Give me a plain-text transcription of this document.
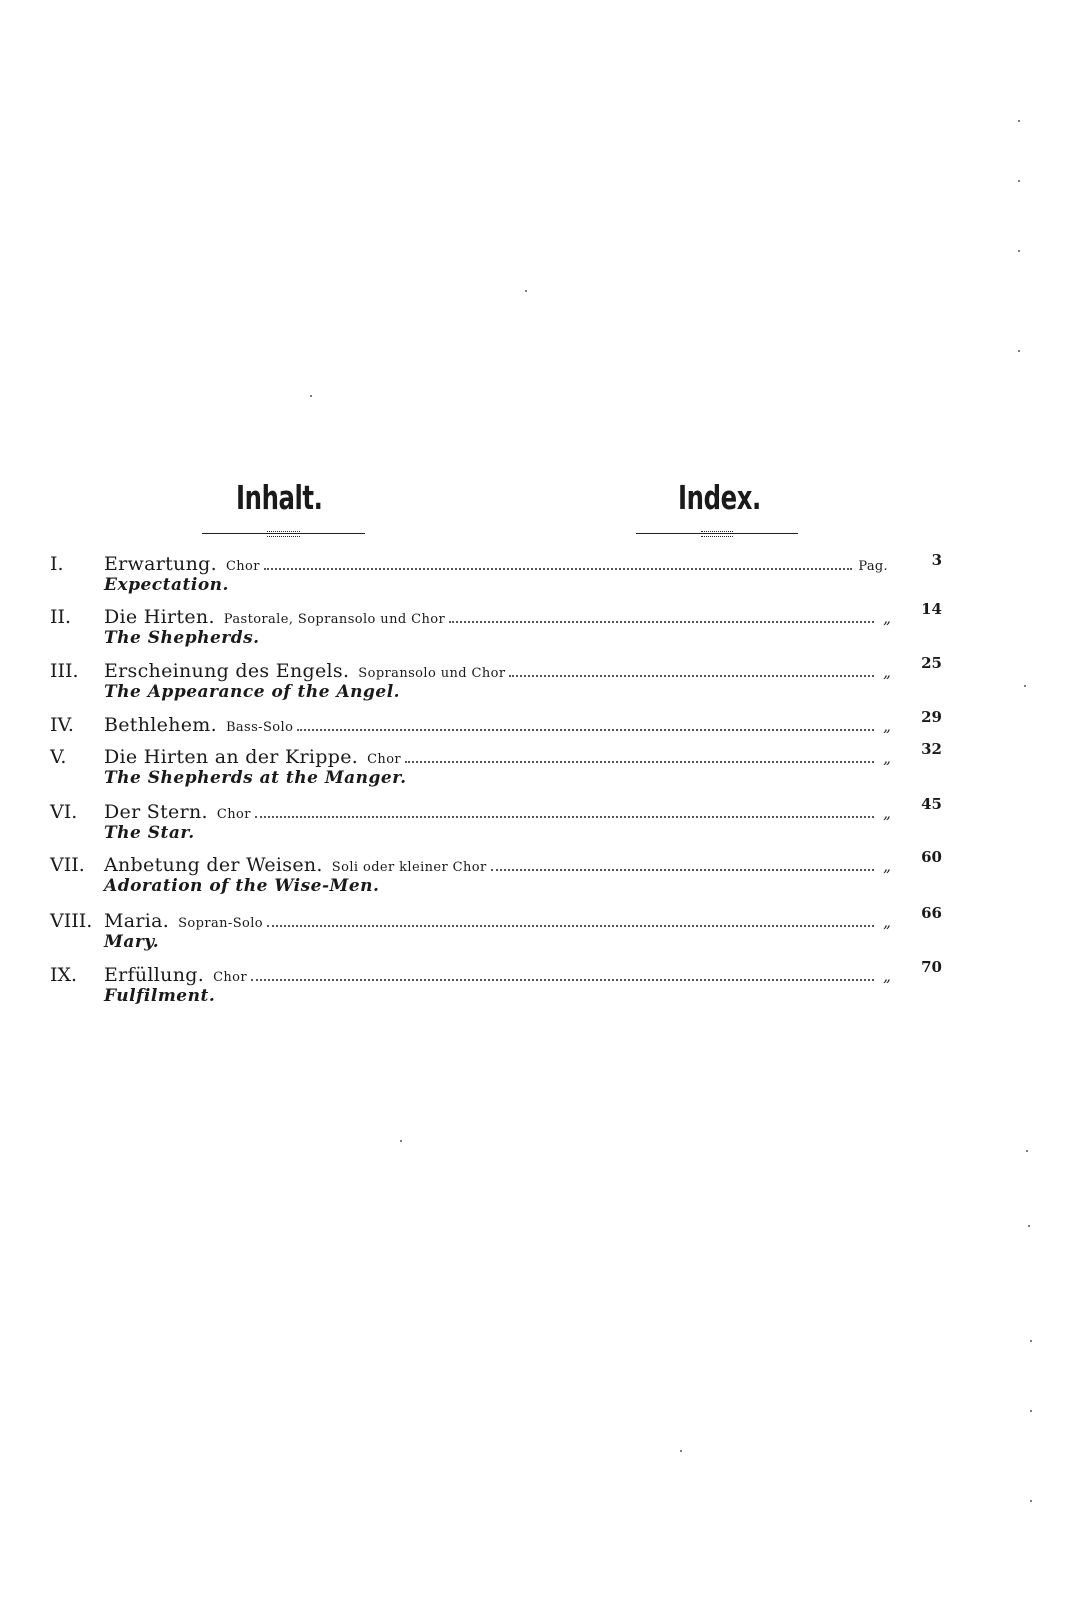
Inhalt.	Index.
I. Erwartung. Chor	Pag.	3
Expectation.
II. Die Hirten. Pastorale, Sopransolo und Chor	„	14
The Shepherds.
III. Erscheinung des Engels. Sopransolo und Chor	„	25
The Appearance of the Angel.
IV. Bethlehem. Bass-Solo	„	29
V. Die Hirten an der Krippe. Chor	„	32
The Shepherds at the Manger.
VI. Der Stern. Chor	„	45
The Star.
VII. Anbetung der Weisen. Soli oder kleiner Chor	„	60
Adoration of the Wise-Men.
VIII. Maria. Sopran-Solo	„	66
Mary.
IX. Erfüllung. Chor	„	70
Fulfilment.
